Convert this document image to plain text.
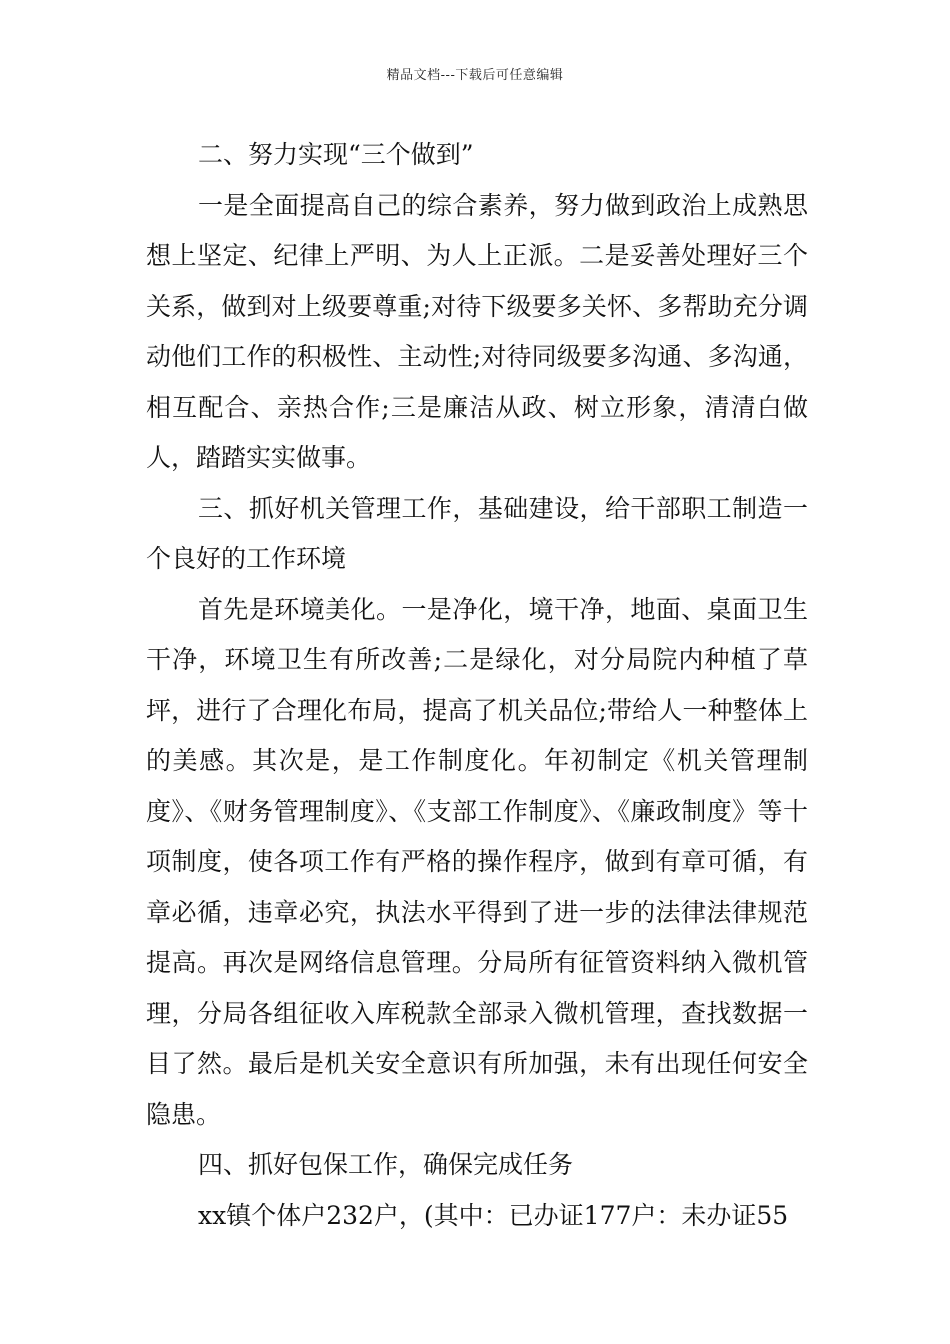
精品文档---下载后可任意编辑

二、努力实现“三个做到”

一是全面提高自己的综合素养，努力做到政治上成熟思想上坚定、纪律上严明、为人上正派。二是妥善处理好三个关系，做到对上级要尊重;对待下级要多关怀、多帮助充分调动他们工作的积极性、主动性;对待同级要多沟通、多沟通，相互配合、亲热合作;三是廉洁从政、树立形象，清清白做人，踏踏实实做事。

三、抓好机关管理工作，基础建设，给干部职工制造一个良好的工作环境

首先是环境美化。一是净化，境干净，地面、桌面卫生干净，环境卫生有所改善;二是绿化，对分局院内种植了草坪，进行了合理化布局，提高了机关品位;带给人一种整体上的美感。其次是，是工作制度化。年初制定《机关管理制度》、《财务管理制度》、《支部工作制度》、《廉政制度》等十项制度，使各项工作有严格的操作程序，做到有章可循，有章必循，违章必究，执法水平得到了进一步的法律法律规范提高。再次是网络信息管理。分局所有征管资料纳入微机管理，分局各组征收入库税款全部录入微机管理，查找数据一目了然。最后是机关安全意识有所加强，未有出现任何安全隐患。

四、抓好包保工作，确保完成任务

xx镇个体户232户，(其中：已办证177户：未办证55
